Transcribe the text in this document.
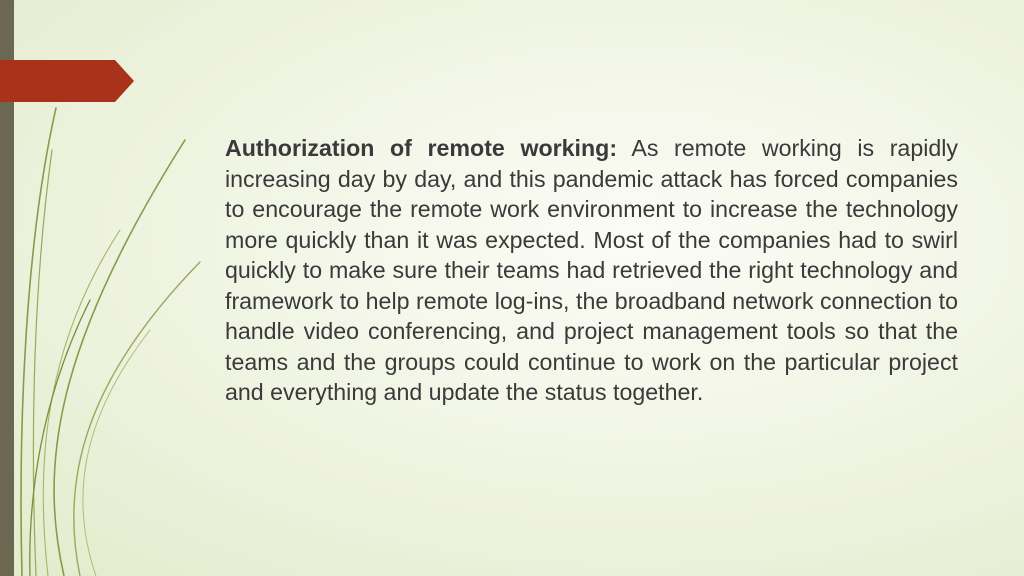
Authorization of remote working: As remote working is rapidly increasing day by day, and this pandemic attack has forced companies to encourage the remote work environment to increase the technology more quickly than it was expected. Most of the companies had to swirl quickly to make sure their teams had retrieved the right technology and framework to help remote log-ins, the broadband network connection to handle video conferencing, and project management tools so that the teams and the groups could continue to work on the particular project and everything and update the status together.
